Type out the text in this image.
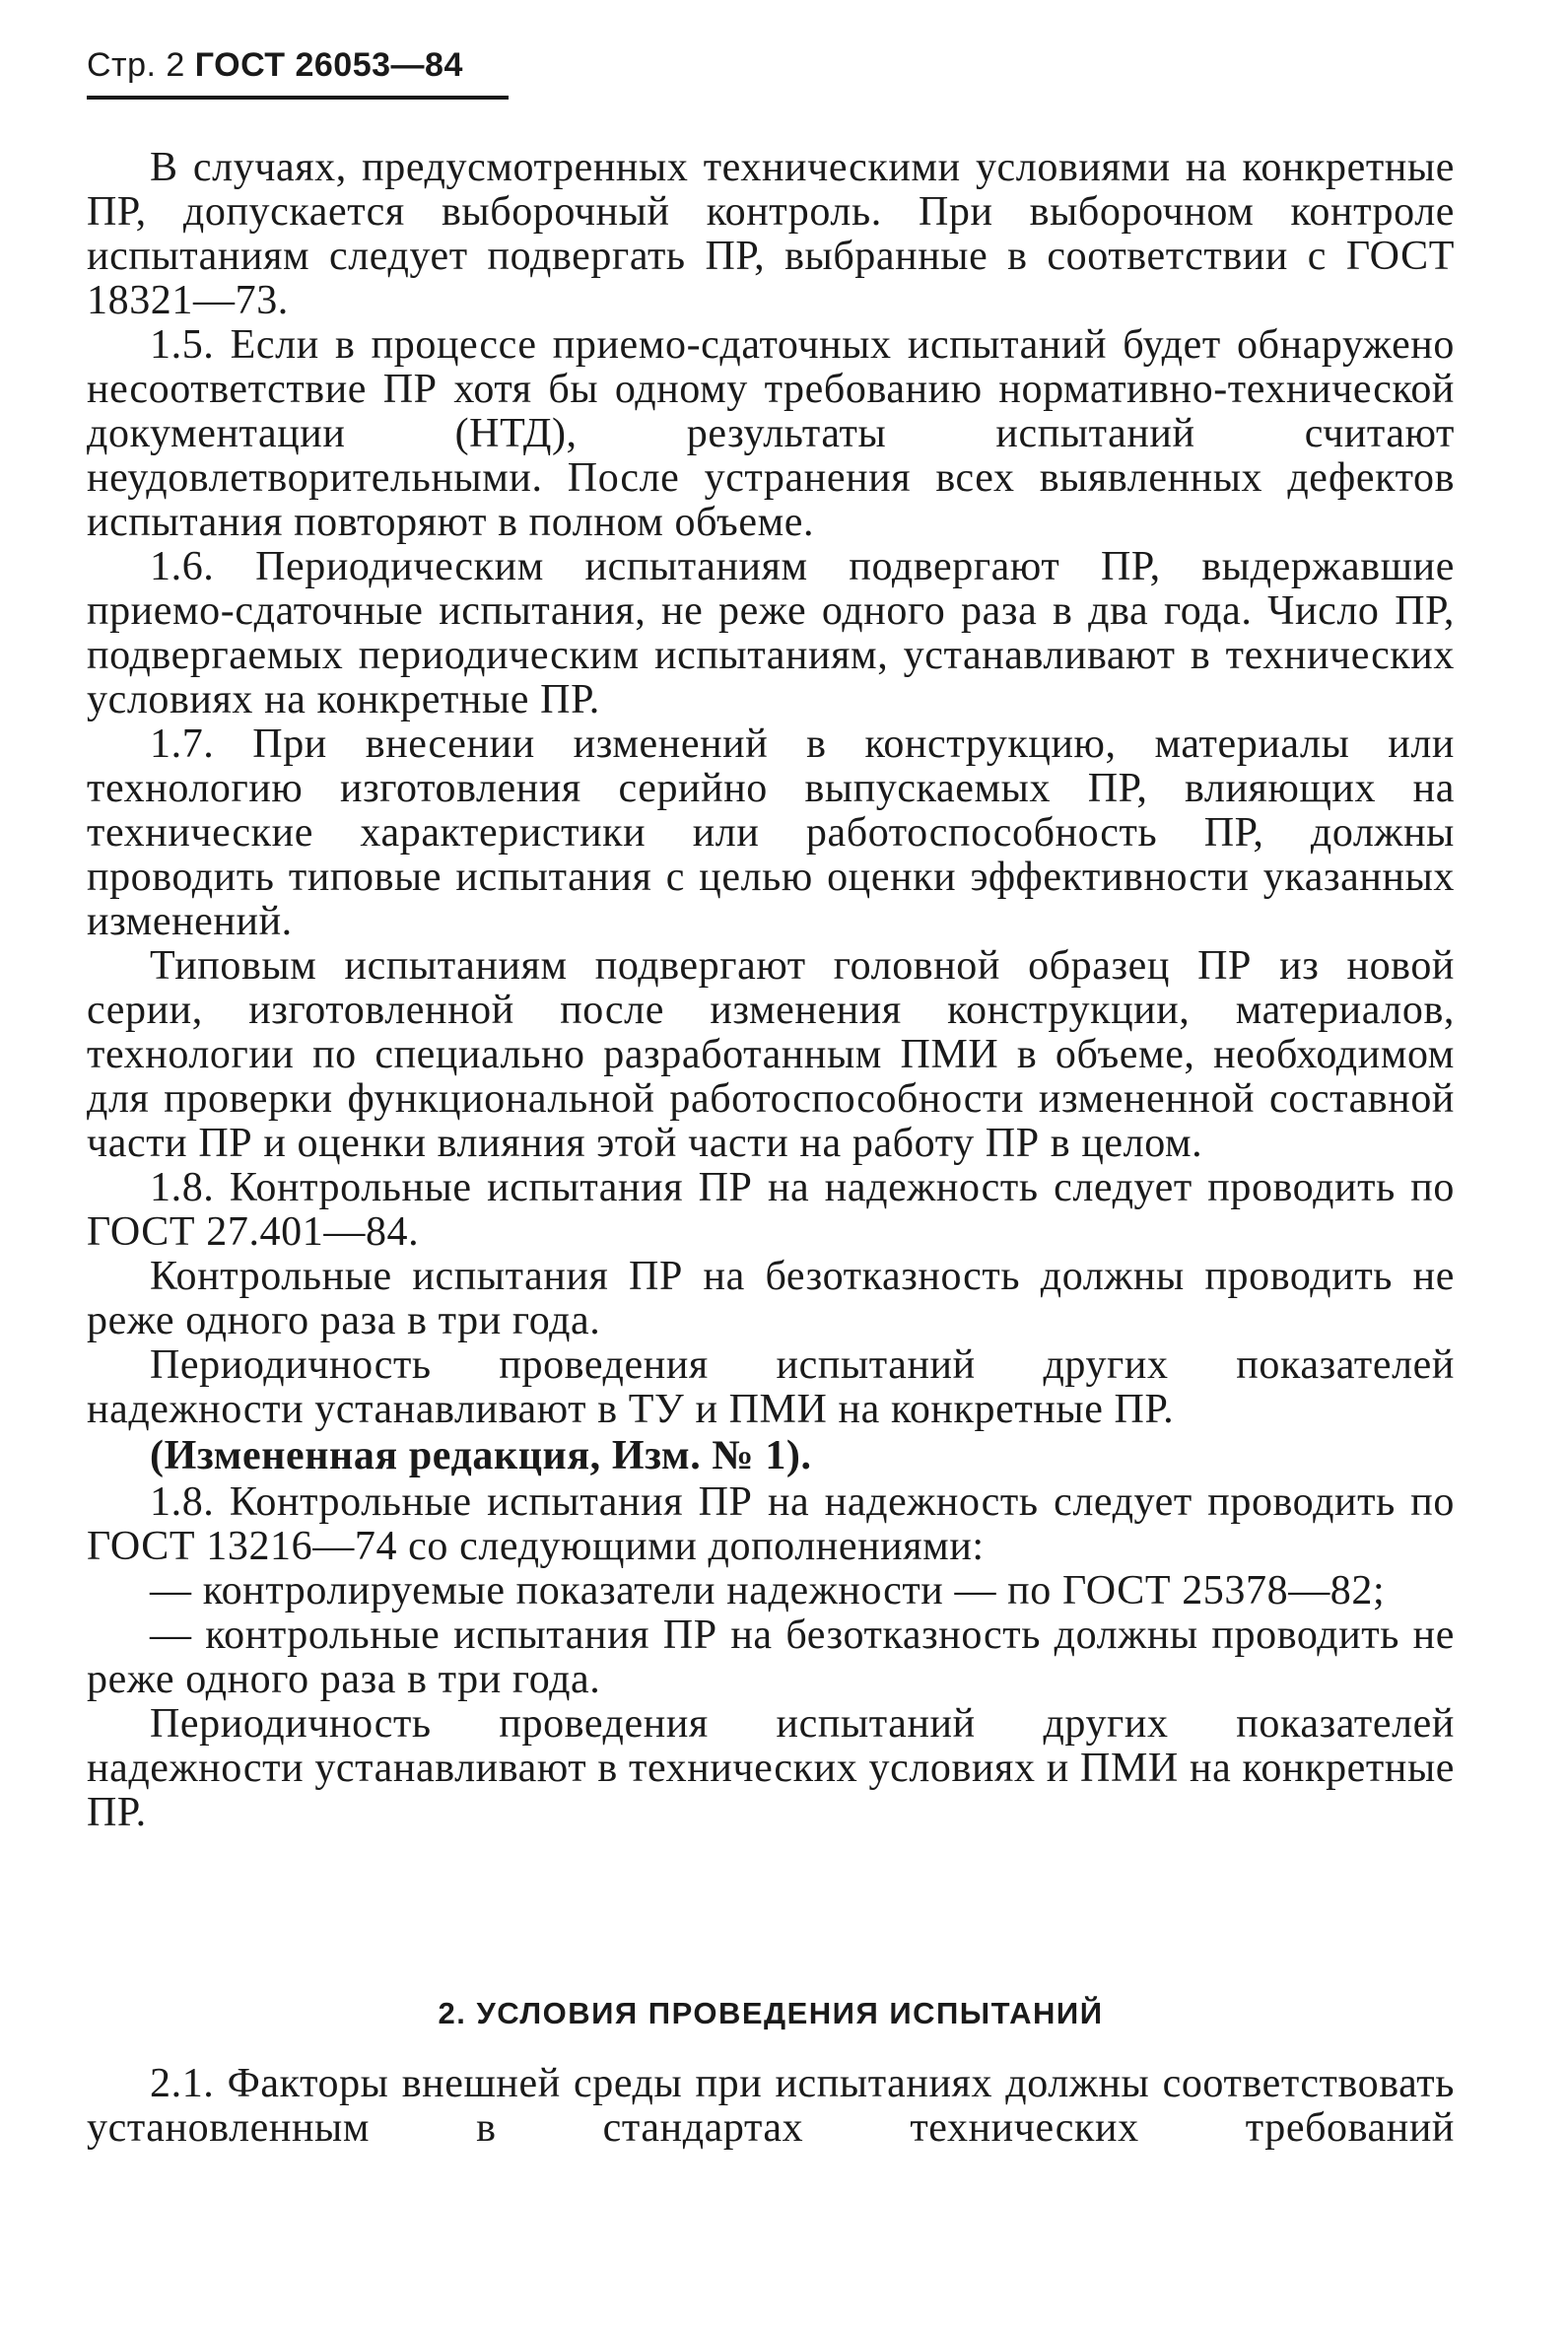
Стр. 2 ГОСТ 26053—84

В случаях, предусмотренных техническими условиями на конкретные ПР, допускается выборочный контроль. При выборочном контроле испытаниям следует подвергать ПР, выбранные в соответствии с ГОСТ 18321—73.

1.5. Если в процессе приемо-сдаточных испытаний будет обнаружено несоответствие ПР хотя бы одному требованию нормативно-технической документации (НТД), результаты испытаний считают неудовлетворительными. После устранения всех выявленных дефектов испытания повторяют в полном объеме.

1.6. Периодическим испытаниям подвергают ПР, выдержавшие приемо-сдаточные испытания, не реже одного раза в два года. Число ПР, подвергаемых периодическим испытаниям, устанавливают в технических условиях на конкретные ПР.

1.7. При внесении изменений в конструкцию, материалы или технологию изготовления серийно выпускаемых ПР, влияющих на технические характеристики или работоспособность ПР, должны проводить типовые испытания с целью оценки эффективности указанных изменений.

Типовым испытаниям подвергают головной образец ПР из новой серии, изготовленной после изменения конструкции, материалов, технологии по специально разработанным ПМИ в объеме, необходимом для проверки функциональной работоспособности измененной составной части ПР и оценки влияния этой части на работу ПР в целом.

1.8. Контрольные испытания ПР на надежность следует проводить по ГОСТ 27.401—84.

Контрольные испытания ПР на безотказность должны проводить не реже одного раза в три года.

Периодичность проведения испытаний других показателей надежности устанавливают в ТУ и ПМИ на конкретные ПР.

(Измененная редакция, Изм. № 1).

1.8. Контрольные испытания ПР на надежность следует проводить по ГОСТ 13216—74 со следующими дополнениями:

— контролируемые показатели надежности — по ГОСТ 25378—82;

— контрольные испытания ПР на безотказность должны проводить не реже одного раза в три года.

Периодичность проведения испытаний других показателей надежности устанавливают в технических условиях и ПМИ на конкретные ПР.

2. УСЛОВИЯ ПРОВЕДЕНИЯ ИСПЫТАНИЙ

2.1. Факторы внешней среды при испытаниях должны соответствовать установленным в стандартах технических требований
